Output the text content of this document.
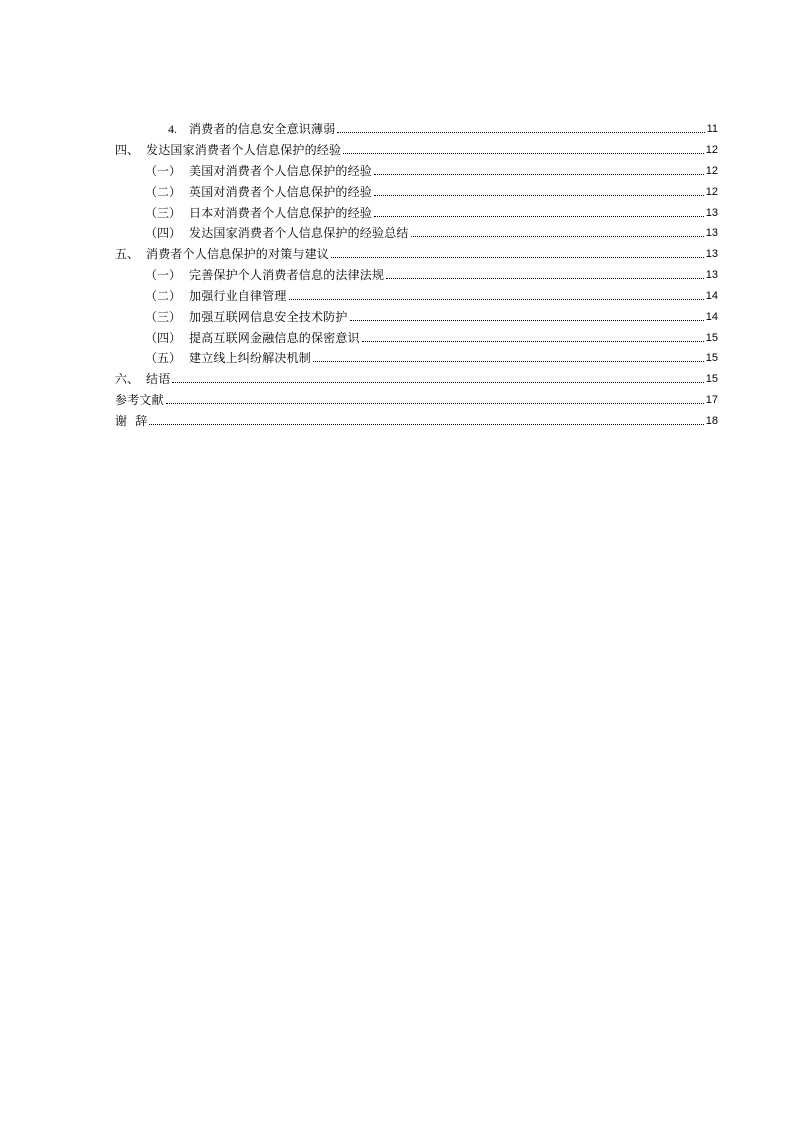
4.	消费者的信息安全意识薄弱	11
四、 发达国家消费者个人信息保护的经验	12
（一） 美国对消费者个人信息保护的经验	12
（二） 英国对消费者个人信息保护的经验	12
（三） 日本对消费者个人信息保护的经验	13
（四） 发达国家消费者个人信息保护的经验总结	13
五、 消费者个人信息保护的对策与建议	13
（一） 完善保护个人消费者信息的法律法规	13
（二） 加强行业自律管理	14
（三） 加强互联网信息安全技术防护	14
（四） 提高互联网金融信息的保密意识	15
（五） 建立线上纠纷解决机制	15
六、 结语	15
参考文献	17
谢  辞	18
